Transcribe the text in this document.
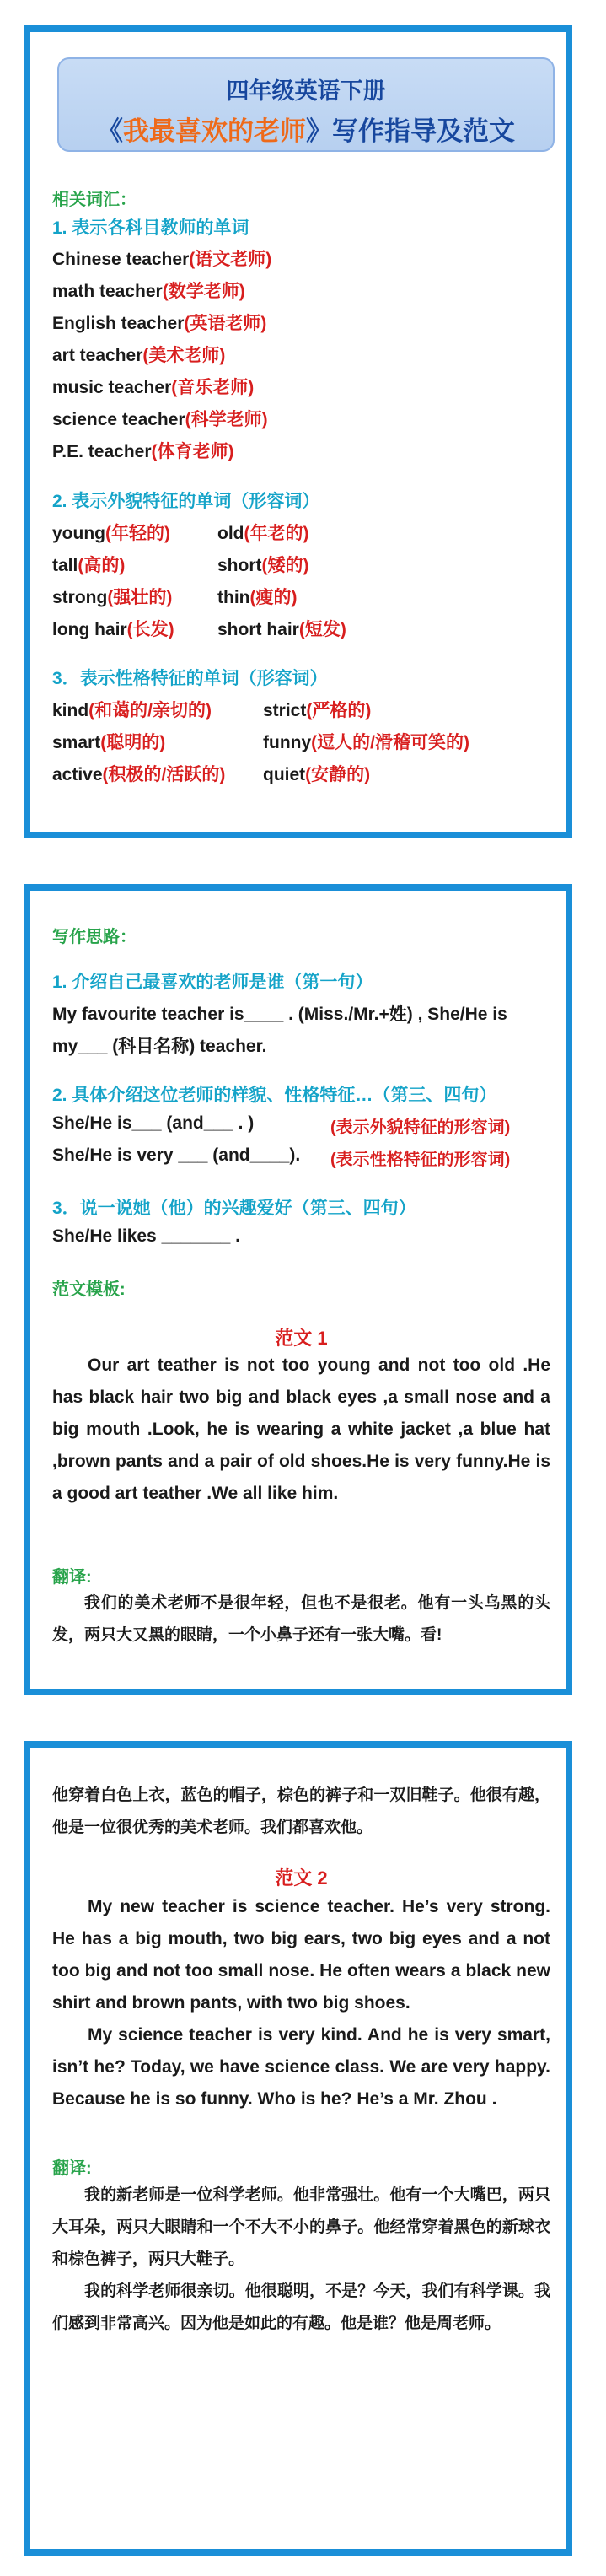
四年级英语下册
《我最喜欢的老师》写作指导及范文
相关词汇：
1. 表示各科目教师的单词
Chinese teacher(语文老师)
math teacher(数学老师)
English teacher(英语老师)
art teacher(美术老师)
music teacher(音乐老师)
science teacher(科学老师)
P.E. teacher(体育老师)
2. 表示外貌特征的单词（形容词）
young(年轻的)	old(年老的)
tall(高的)	short(矮的)
strong(强壮的)	thin(瘦的)
long hair(长发) short hair(短发)
3．表示性格特征的单词（形容词）
kind(和蔼的/亲切的)	strict(严格的)
smart(聪明的)	funny(逗人的/滑稽可笑的)
active(积极的/活跃的) quiet(安静的)
写作思路：
1. 介绍自己最喜欢的老师是谁（第一句）
My favourite teacher is____ . (Miss./Mr.+姓) , She/He is
my___ (科目名称) teacher.
2. 具体介绍这位老师的样貌、性格特征…（第三、四句）
She/He is___ (and___ . )	(表示外貌特征的形容词)
She/He is very ___ (and____). (表示性格特征的形容词)
3．说一说她（他）的兴趣爱好（第三、四句）
She/He likes _______ .
范文模板:
范文 1
Our art teather is not too young and not too old .He has black hair two big and black eyes ,a small nose and a big mouth .Look, he is wearing a white jacket ,a blue hat ,brown pants and a pair of old shoes.He is very funny.He is a good art teather .We all like him.
翻译:
我们的美术老师不是很年轻，但也不是很老。他有一头乌黑的头发，两只大又黑的眼睛，一个小鼻子还有一张大嘴。看!
他穿着白色上衣，蓝色的帽子，棕色的裤子和一双旧鞋子。他很有趣，他是一位很优秀的美术老师。我们都喜欢他。
范文 2
My new teacher is science teacher. He’s very strong. He has a big mouth, two big ears, two big eyes and a not too big and not too small nose. He often wears a black new shirt and brown pants, with two big shoes.
My science teacher is very kind. And he is very smart, isn’t he? Today, we have science class. We are very happy. Because he is so funny. Who is he? He’s a Mr. Zhou .
翻译:
我的新老师是一位科学老师。他非常强壮。他有一个大嘴巴，两只大耳朵，两只大眼睛和一个不大不小的鼻子。他经常穿着黑色的新球衣和棕色裤子，两只大鞋子。
我的科学老师很亲切。他很聪明，不是？今天，我们有科学课。我们感到非常高兴。因为他是如此的有趣。他是谁？他是周老师。
